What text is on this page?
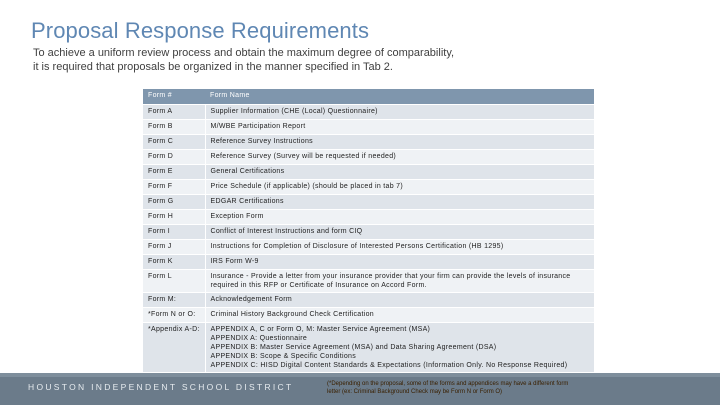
Proposal Response Requirements
To achieve a uniform review process and obtain the maximum degree of comparability,
it is required that proposals be organized in the manner specified in Tab 2.
Form #	Form Name
Form A	Supplier Information (CHE (Local) Questionnaire)

Form B	M/WBE Participation Report

Form C	Reference Survey Instructions

Form D	Reference Survey (Survey will be requested if needed)

Form E	General Certifications

Form F	Price Schedule (if applicable) (should be placed in tab 7)

Form G	EDGAR Certifications

Form H	Exception Form

Form I	Conflict of Interest Instructions and form CIQ

Form J	Instructions for Completion of Disclosure of Interested Persons Certification (HB 1295)

Form K	IRS Form W-9

Form L	Insurance - Provide a letter from your insurance provider that your firm can provide the levels of insurance
required in this RFP or Certificate of Insurance on Accord Form.

Form M:	Acknowledgement Form

*Form N or O:	Criminal History Background Check Certification

*Appendix A-D:	APPENDIX A, C or Form O, M: Master Service Agreement (MSA)
APPENDIX A: Questionnaire
APPENDIX B: Master Service Agreement (MSA) and Data Sharing Agreement (DSA)
APPENDIX B: Scope & Specific Conditions
APPENDIX C: HISD Digital Content Standards & Expectations (Information Only. No Response Required)
HOUSTON INDEPENDENT SCHOOL DISTRICT	(*Depending on the proposal, some of the forms and appendices may have a different form
letter (ex: Criminal Background Check may be Form N or Form O)
